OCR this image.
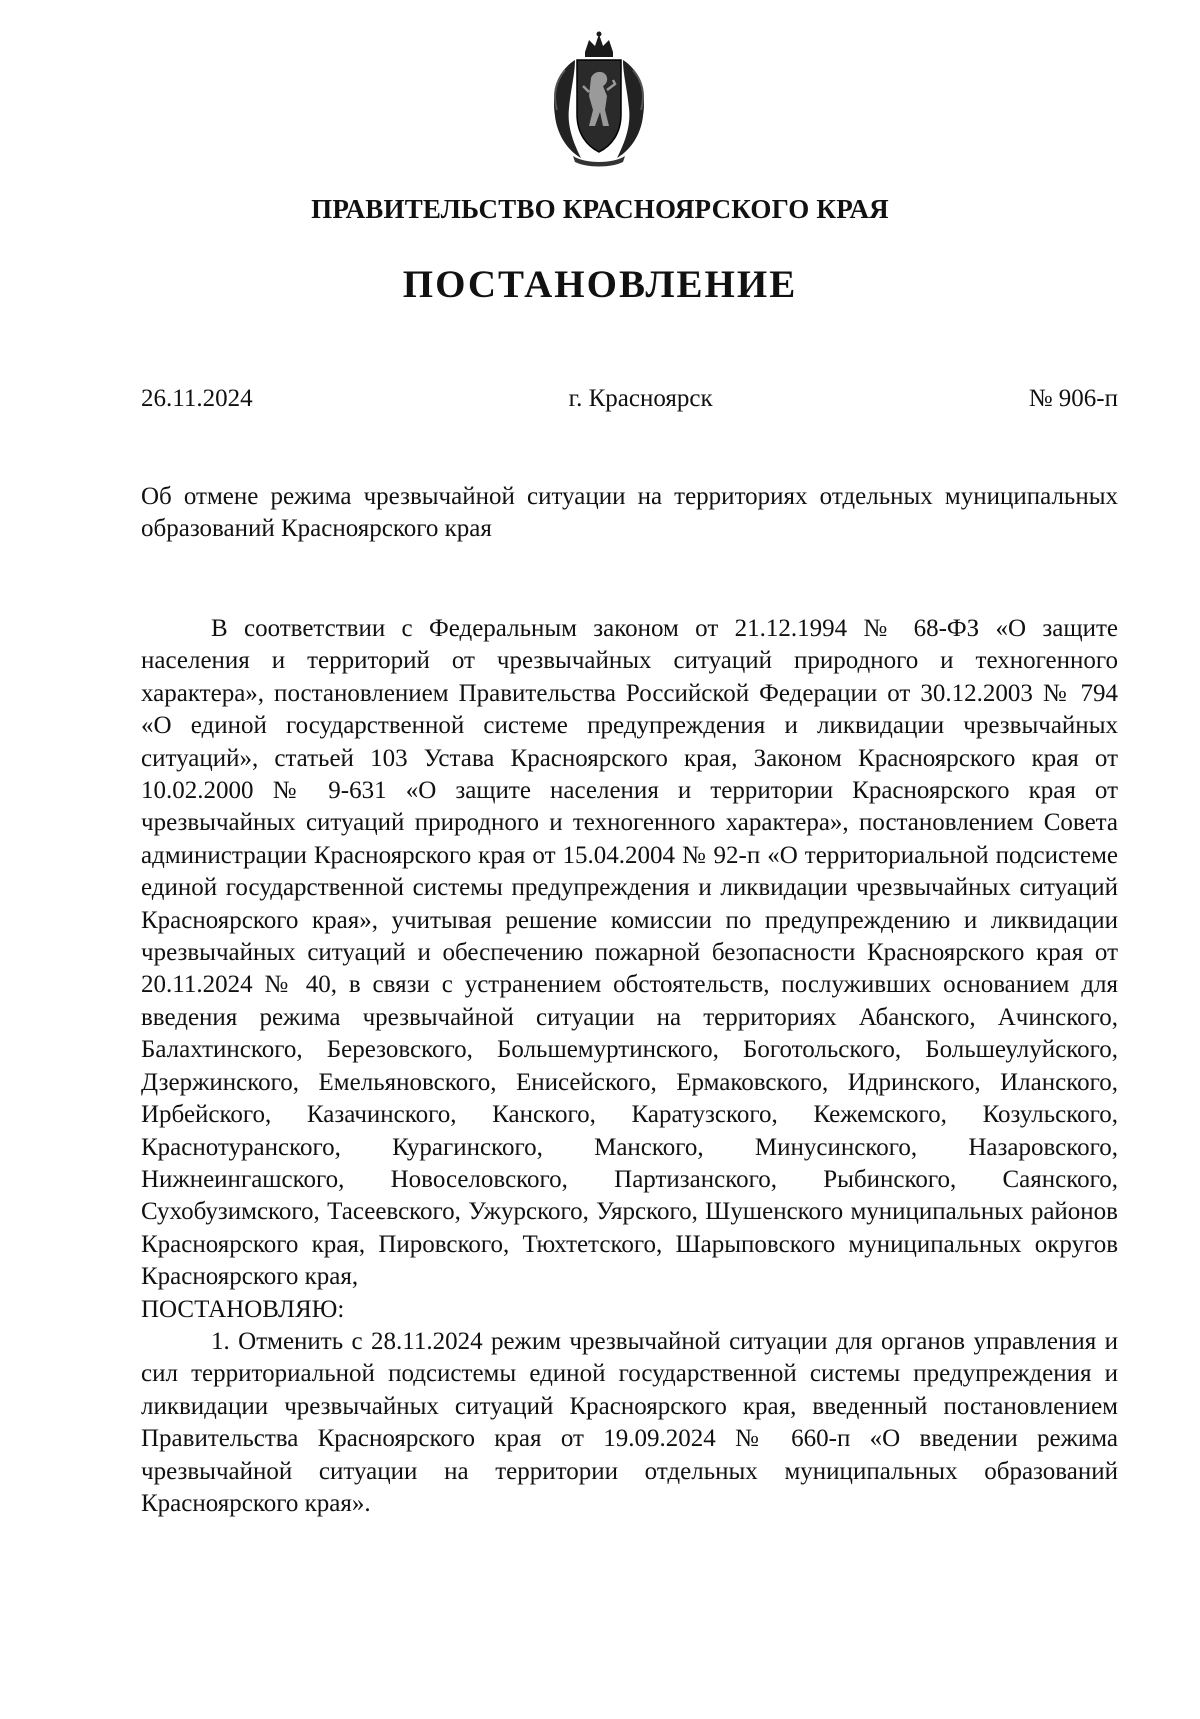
ПРАВИТЕЛЬСТВО КРАСНОЯРСКОГО КРАЯ
ПОСТАНОВЛЕНИЕ
26.11.2024	г. Красноярск	№ 906-п
Об отмене режима чрезвычайной ситуации на территориях отдельных муниципальных образований Красноярского края

В соответствии с Федеральным законом от 21.12.1994 № 68-ФЗ «О защите населения и территорий от чрезвычайных ситуаций природного и техногенного характера», постановлением Правительства Российской Федерации от 30.12.2003 № 794 «О единой государственной системе предупреждения и ликвидации чрезвычайных ситуаций», статьей 103 Устава Красноярского края, Законом Красноярского края от 10.02.2000 № 9-631 «О защите населения и территории Красноярского края от чрезвычайных ситуаций природного и техногенного характера», постановлением Совета администрации Красноярского края от 15.04.2004 № 92-п «О территориальной подсистеме единой государственной системы предупреждения и ликвидации чрезвычайных ситуаций Красноярского края», учитывая решение комиссии по предупреждению и ликвидации чрезвычайных ситуаций и обеспечению пожарной безопасности Красноярского края от 20.11.2024 № 40, в связи с устранением обстоятельств, послуживших основанием для введения режима чрезвычайной ситуации на территориях Абанского, Ачинского, Балахтинского, Березовского, Большемуртинского, Боготольского, Большеулуйского, Дзержинского, Емельяновского, Енисейского, Ермаковского, Идринского, Иланского, Ирбейского, Казачинского, Канского, Каратузского, Кежемского, Козульского, Краснотуранского, Курагинского, Манского, Минусинского, Назаровского, Нижнеингашского, Новоселовского, Партизанского, Рыбинского, Саянского, Сухобузимского, Тасеевского, Ужурского, Уярского, Шушенского муниципальных районов Красноярского края, Пировского, Тюхтетского, Шарыповского муниципальных округов Красноярского края,

ПОСТАНОВЛЯЮ:

1. Отменить с 28.11.2024 режим чрезвычайной ситуации для органов управления и сил территориальной подсистемы единой государственной системы предупреждения и ликвидации чрезвычайных ситуаций Красноярского края, введенный постановлением Правительства Красноярского края от 19.09.2024 № 660-п «О введении режима чрезвычайной ситуации на территории отдельных муниципальных образований Красноярского края».
